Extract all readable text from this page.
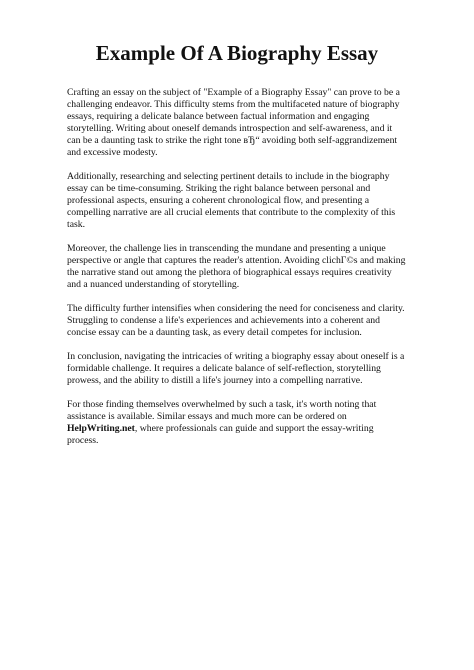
Example Of A Biography Essay

Crafting an essay on the subject of "Example of a Biography Essay" can prove to be a challenging endeavor. This difficulty stems from the multifaceted nature of biography essays, requiring a delicate balance between factual information and engaging storytelling. Writing about oneself demands introspection and self-awareness, and it can be a daunting task to strike the right tone вЂ“ avoiding both self-aggrandizement and excessive modesty.

Additionally, researching and selecting pertinent details to include in the biography essay can be time-consuming. Striking the right balance between personal and professional aspects, ensuring a coherent chronological flow, and presenting a compelling narrative are all crucial elements that contribute to the complexity of this task.

Moreover, the challenge lies in transcending the mundane and presenting a unique perspective or angle that captures the reader's attention. Avoiding clichГ©s and making the narrative stand out among the plethora of biographical essays requires creativity and a nuanced understanding of storytelling.

The difficulty further intensifies when considering the need for conciseness and clarity. Struggling to condense a life's experiences and achievements into a coherent and concise essay can be a daunting task, as every detail competes for inclusion.

In conclusion, navigating the intricacies of writing a biography essay about oneself is a formidable challenge. It requires a delicate balance of self-reflection, storytelling prowess, and the ability to distill a life's journey into a compelling narrative.

For those finding themselves overwhelmed by such a task, it's worth noting that assistance is available. Similar essays and much more can be ordered on HelpWriting.net, where professionals can guide and support the essay-writing process.
